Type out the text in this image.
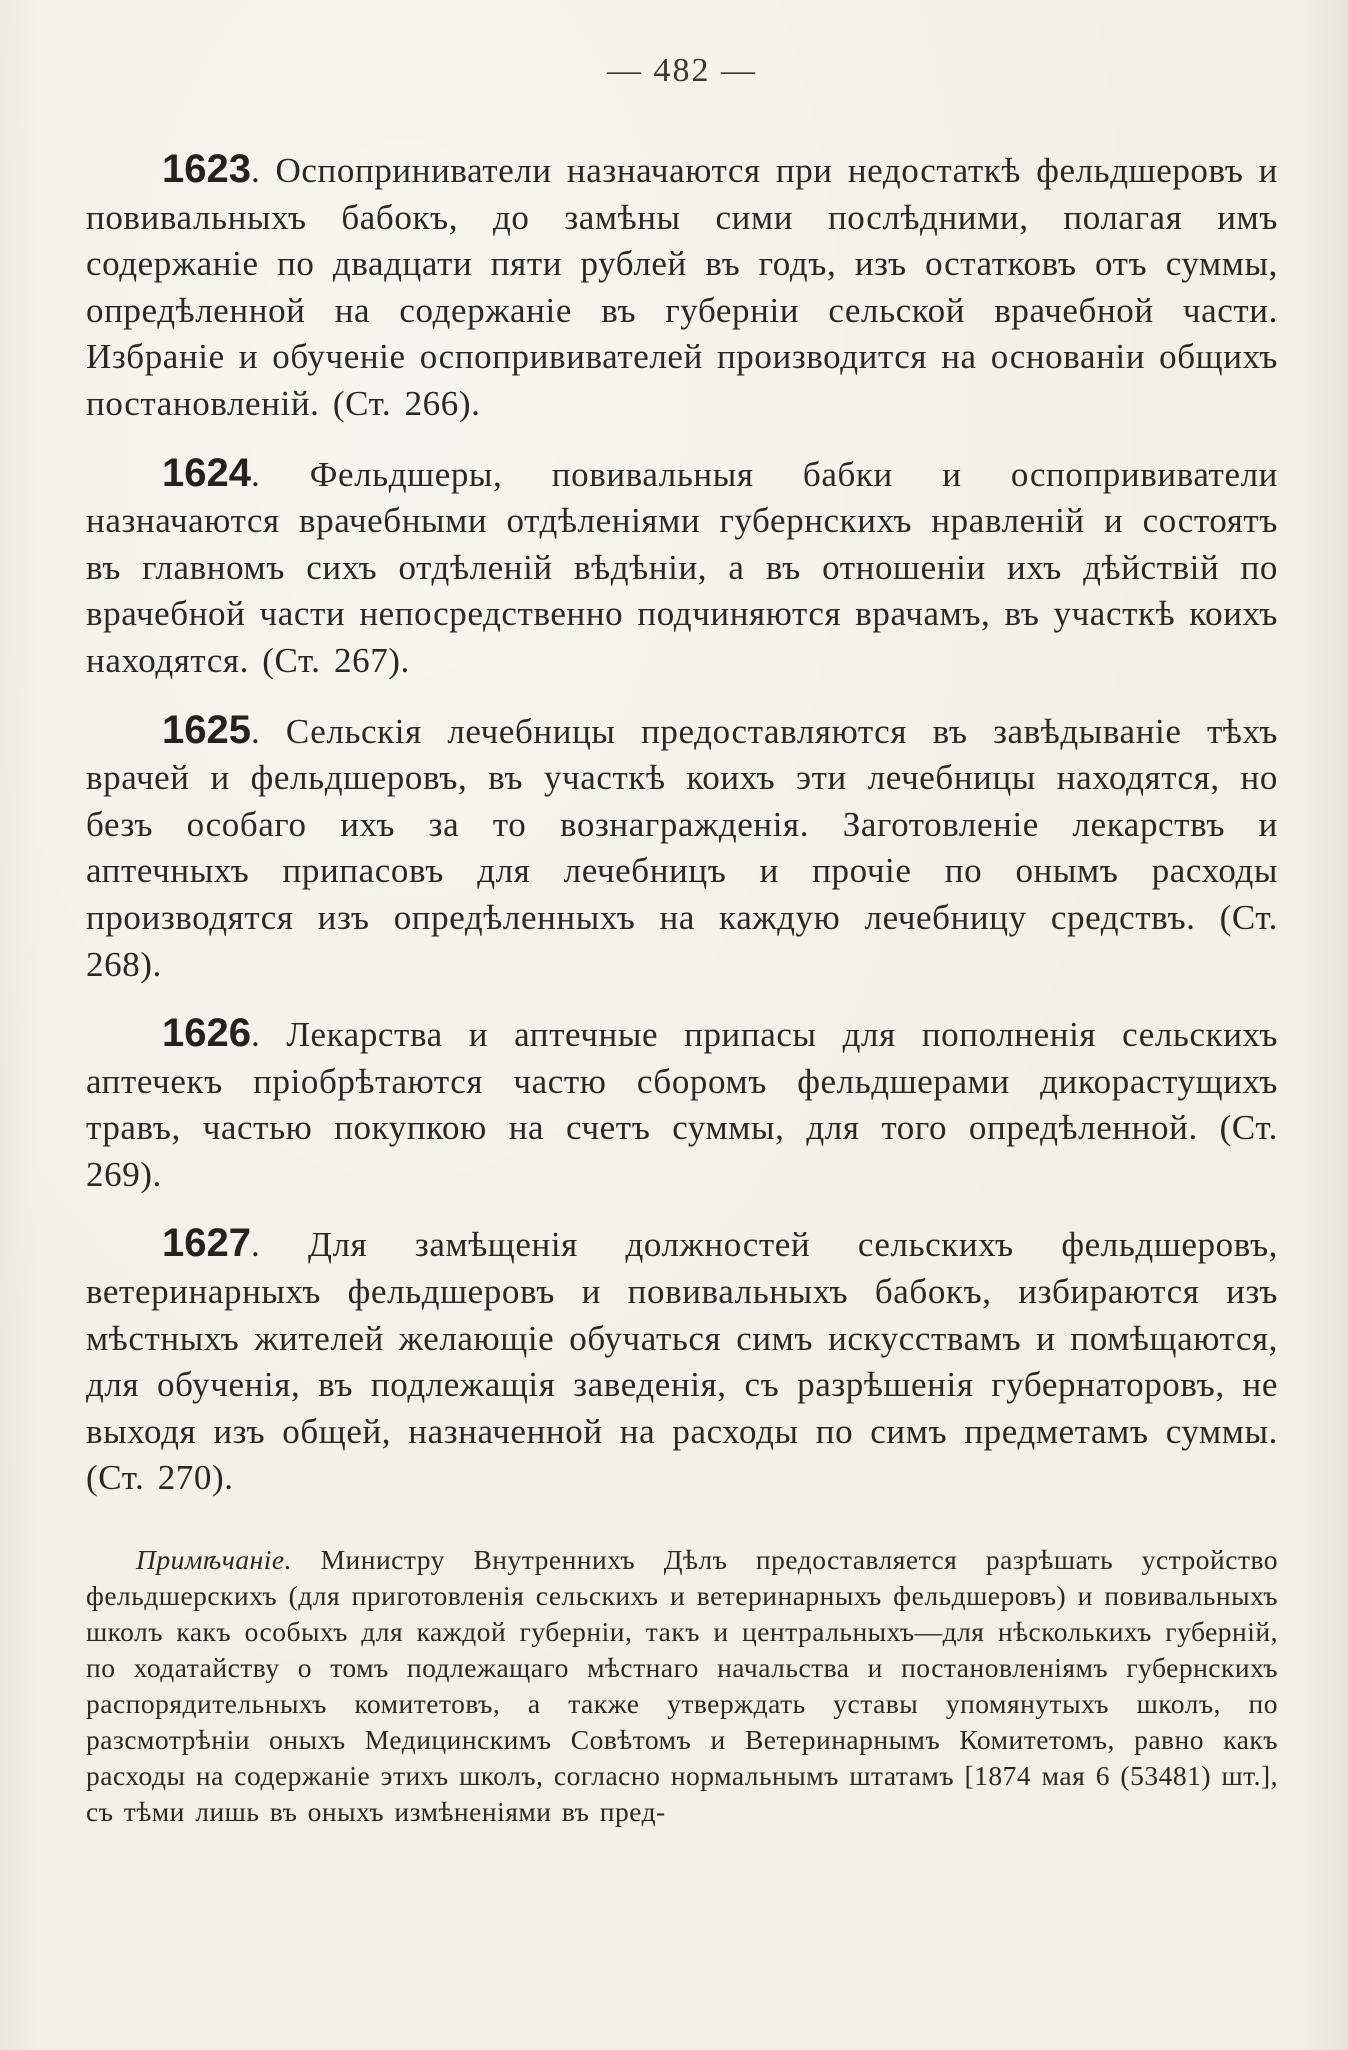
— 482 —

1623. Оспоприниватели назначаются при недостаткѣ фельдшеровъ и повивальныхъ бабокъ, до замѣны сими послѣдними, полагая имъ содержаніе по двадцати пяти рублей въ годъ, изъ остатковъ отъ суммы, опредѣленной на содержаніе въ губерніи сельской врачебной части. Избраніе и обученіе оспопрививателей производится на основаніи общихъ постановленій. (Ст. 266).

1624. Фельдшеры, повивальныя бабки и оспопрививатели назначаются врачебными отдѣленіями губернскихъ нравленій и состоятъ въ главномъ сихъ отдѣленій вѣдѣніи, а въ отношеніи ихъ дѣйствій по врачебной части непосредственно подчиняются врачамъ, въ участкѣ коихъ находятся. (Ст. 267).

1625. Сельскія лечебницы предоставляются въ завѣдываніе тѣхъ врачей и фельдшеровъ, въ участкѣ коихъ эти лечебницы находятся, но безъ особаго ихъ за то вознагражденія. Заготовленіе лекарствъ и аптечныхъ припасовъ для лечебницъ и прочіе по онымъ расходы производятся изъ опредѣленныхъ на каждую лечебницу средствъ. (Ст. 268).

1626. Лекарства и аптечные припасы для пополненія сельскихъ аптечекъ пріобрѣтаются частю сборомъ фельдшерами дикорастущихъ травъ, частью покупкою на счетъ суммы, для того опредѣленной. (Ст. 269).

1627. Для замѣщенія должностей сельскихъ фельдшеровъ, ветеринарныхъ фельдшеровъ и повивальныхъ бабокъ, избираются изъ мѣстныхъ жителей желающіе обучаться симъ искусствамъ и помѣщаются, для обученія, въ подлежащія заведенія, съ разрѣшенія губернаторовъ, не выходя изъ общей, назначенной на расходы по симъ предметамъ суммы. (Ст. 270).

Примѣчаніе. Министру Внутреннихъ Дѣлъ предоставляется разрѣшать устройство фельдшерскихъ (для приготовленія сельскихъ и ветеринарныхъ фельдшеровъ) и повивальныхъ школъ какъ особыхъ для каждой губерніи, такъ и центральныхъ—для нѣсколькихъ губерній, по ходатайству о томъ подлежащаго мѣстнаго начальства и постановленіямъ губернскихъ распорядительныхъ комитетовъ, а также утверждать уставы упомянутыхъ школъ, по разсмотрѣніи оныхъ Медицинскимъ Совѣтомъ и Ветеринарнымъ Комитетомъ, равно какъ расходы на содержаніе этихъ школъ, согласно нормальнымъ штатамъ [1874 мая 6 (53481) шт.], съ тѣми лишь въ оныхъ измѣненіями въ пред-
